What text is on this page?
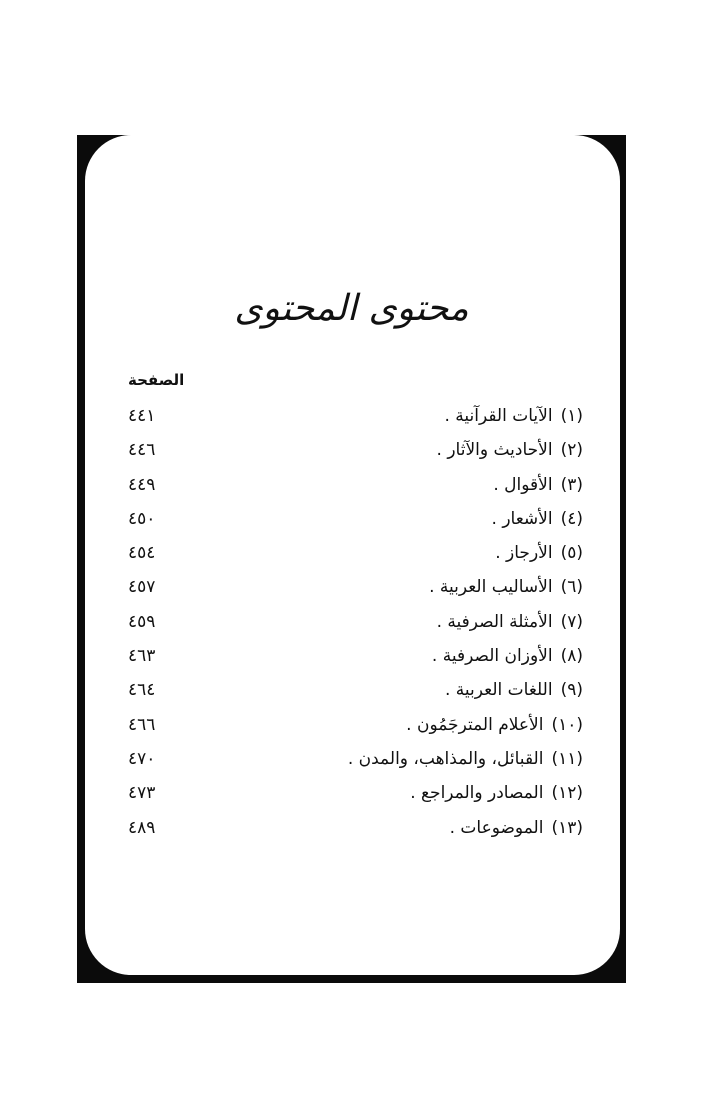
محتوى المحتوى
الصفحة
(١)الآيات القرآنية .
٤٤١
(٢)الأحاديث والآثار .
٤٤٦
(٣)الأقوال .
٤٤٩
(٤)الأشعار .
٤٥٠
(٥)الأرجاز .
٤٥٤
(٦)الأساليب العربية .
٤٥٧
(٧)الأمثلة الصرفية .
٤٥٩
(٨)الأوزان الصرفية .
٤٦٣
(٩)اللغات العربية .
٤٦٤
(١٠)الأعلام المترجَمُون .
٤٦٦
(١١)القبائل، والمذاهب، والمدن .
٤٧٠
(١٢)المصادر والمراجع .
٤٧٣
(١٣)الموضوعات .
٤٨٩
